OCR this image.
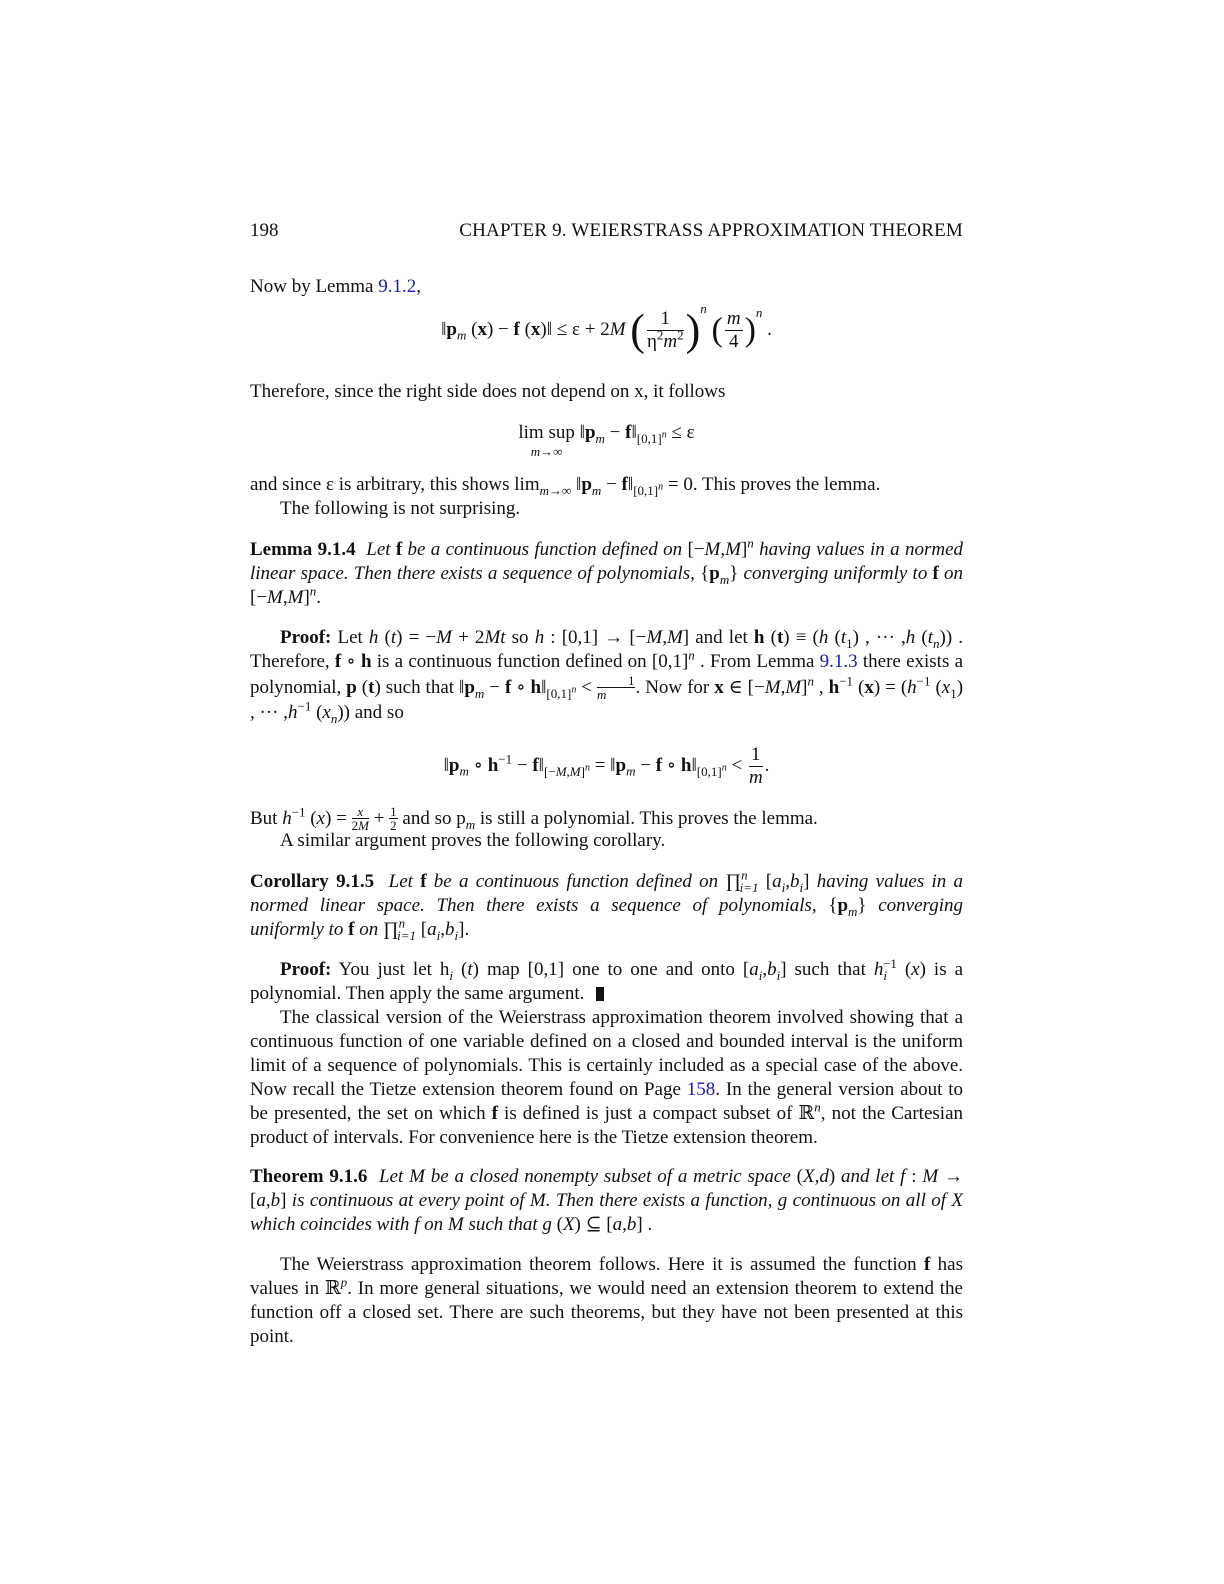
198	CHAPTER 9. WEIERSTRASS APPROXIMATION THEOREM
Now by Lemma 9.1.2,
$‖p_m$ (x) − f (x)‖ ≤ ε + 2M ( $\frac{1}{\eta^2m^2} )^n$ ( $\frac{m}{4} )^n$ .
Therefore, since the right side does not depend on x, it follows
lim sup
m→∞
$‖p_m$ − $f‖_{[0,1]^n} \le \varepsilon$
and since ε is arbitrary, this shows $\lim_{m\to\infty}$ $‖p_m$ − $f‖_{[0,1]^n} = 0$. This proves the lemma.
The following is not surprising.
Lemma 9.1.4 Let f be a continuous function defined on $[-M,M]^n$ having values in a normed linear space. Then there exists a sequence of polynomials, $\{p_m\}$ converging uniformly to f on $[-M,M]^n$.
Proof: Let h (t) = −M + 2Mt so h : [0,1] → [−M,M] and let h (t) ≡ (h $(t_1)$ , ··· ,h $(t_n)$) . Therefore, f ∘ h is a continuous function defined on $[0,1]^n$ . From Lemma 9.1.3 there exists a polynomial, p (t) such that $‖p_m - f$ ∘ $h‖_{[0,1]^n} < \frac{1}{m}$. Now for x ∈ $[-M,M]^n$ , $h^{-1}$ $(x) = (h^{-1}$ $(x_1)$ , ··· $,h^{-1}$ $(x_n)$) and so
$‖p_m$ ∘ $h^{-1}$ − $f‖_{[-M,M]^n}$ = $‖p_m - f$ ∘ $h‖_{[0,1]^n} < \frac{1}{m}$ .
But $h^{-1}$ $(x) = \frac{x}{2M} + \frac{1}{2}$ and so $p_m$ is still a polynomial. This proves the lemma.
A similar argument proves the following corollary.
Corollary 9.1.5 Let f be a continuous function defined on ∏$^n_{i=1}$ $[a_i,b_i]$ having values in a normed linear space. Then there exists a sequence of polynomials, $\{p_m\}$ converging uniformly to f on ∏$^n_{i=1}$ $[a_i,b_i]$.
Proof: You just let $h_i$ (t) map [0,1] one to one and onto $[a_i,b_i]$ such that $h_i^{-1}$ (x) is a
polynomial. Then apply the same argument.
The classical version of the Weierstrass approximation theorem involved showing that a continuous function of one variable defined on a closed and bounded interval is the uniform limit of a sequence of polynomials. This is certainly included as a special case of the above. Now recall the Tietze extension theorem found on Page 158. In the general version about to be presented, the set on which f is defined is just a compact subset of ℝ$^n$, not the Cartesian product of intervals. For convenience here is the Tietze extension theorem.
Theorem 9.1.6 Let M be a closed nonempty subset of a metric space (X,d) and let f : M → [a,b] is continuous at every point of M. Then there exists a function, g continuous on all of X which coincides with f on M such that g (X) ⊆ [a,b] .
The Weierstrass approximation theorem follows. Here it is assumed the function f has values in ℝ$^p$. In more general situations, we would need an extension theorem to extend the function off a closed set. There are such theorems, but they have not been presented at this point.
